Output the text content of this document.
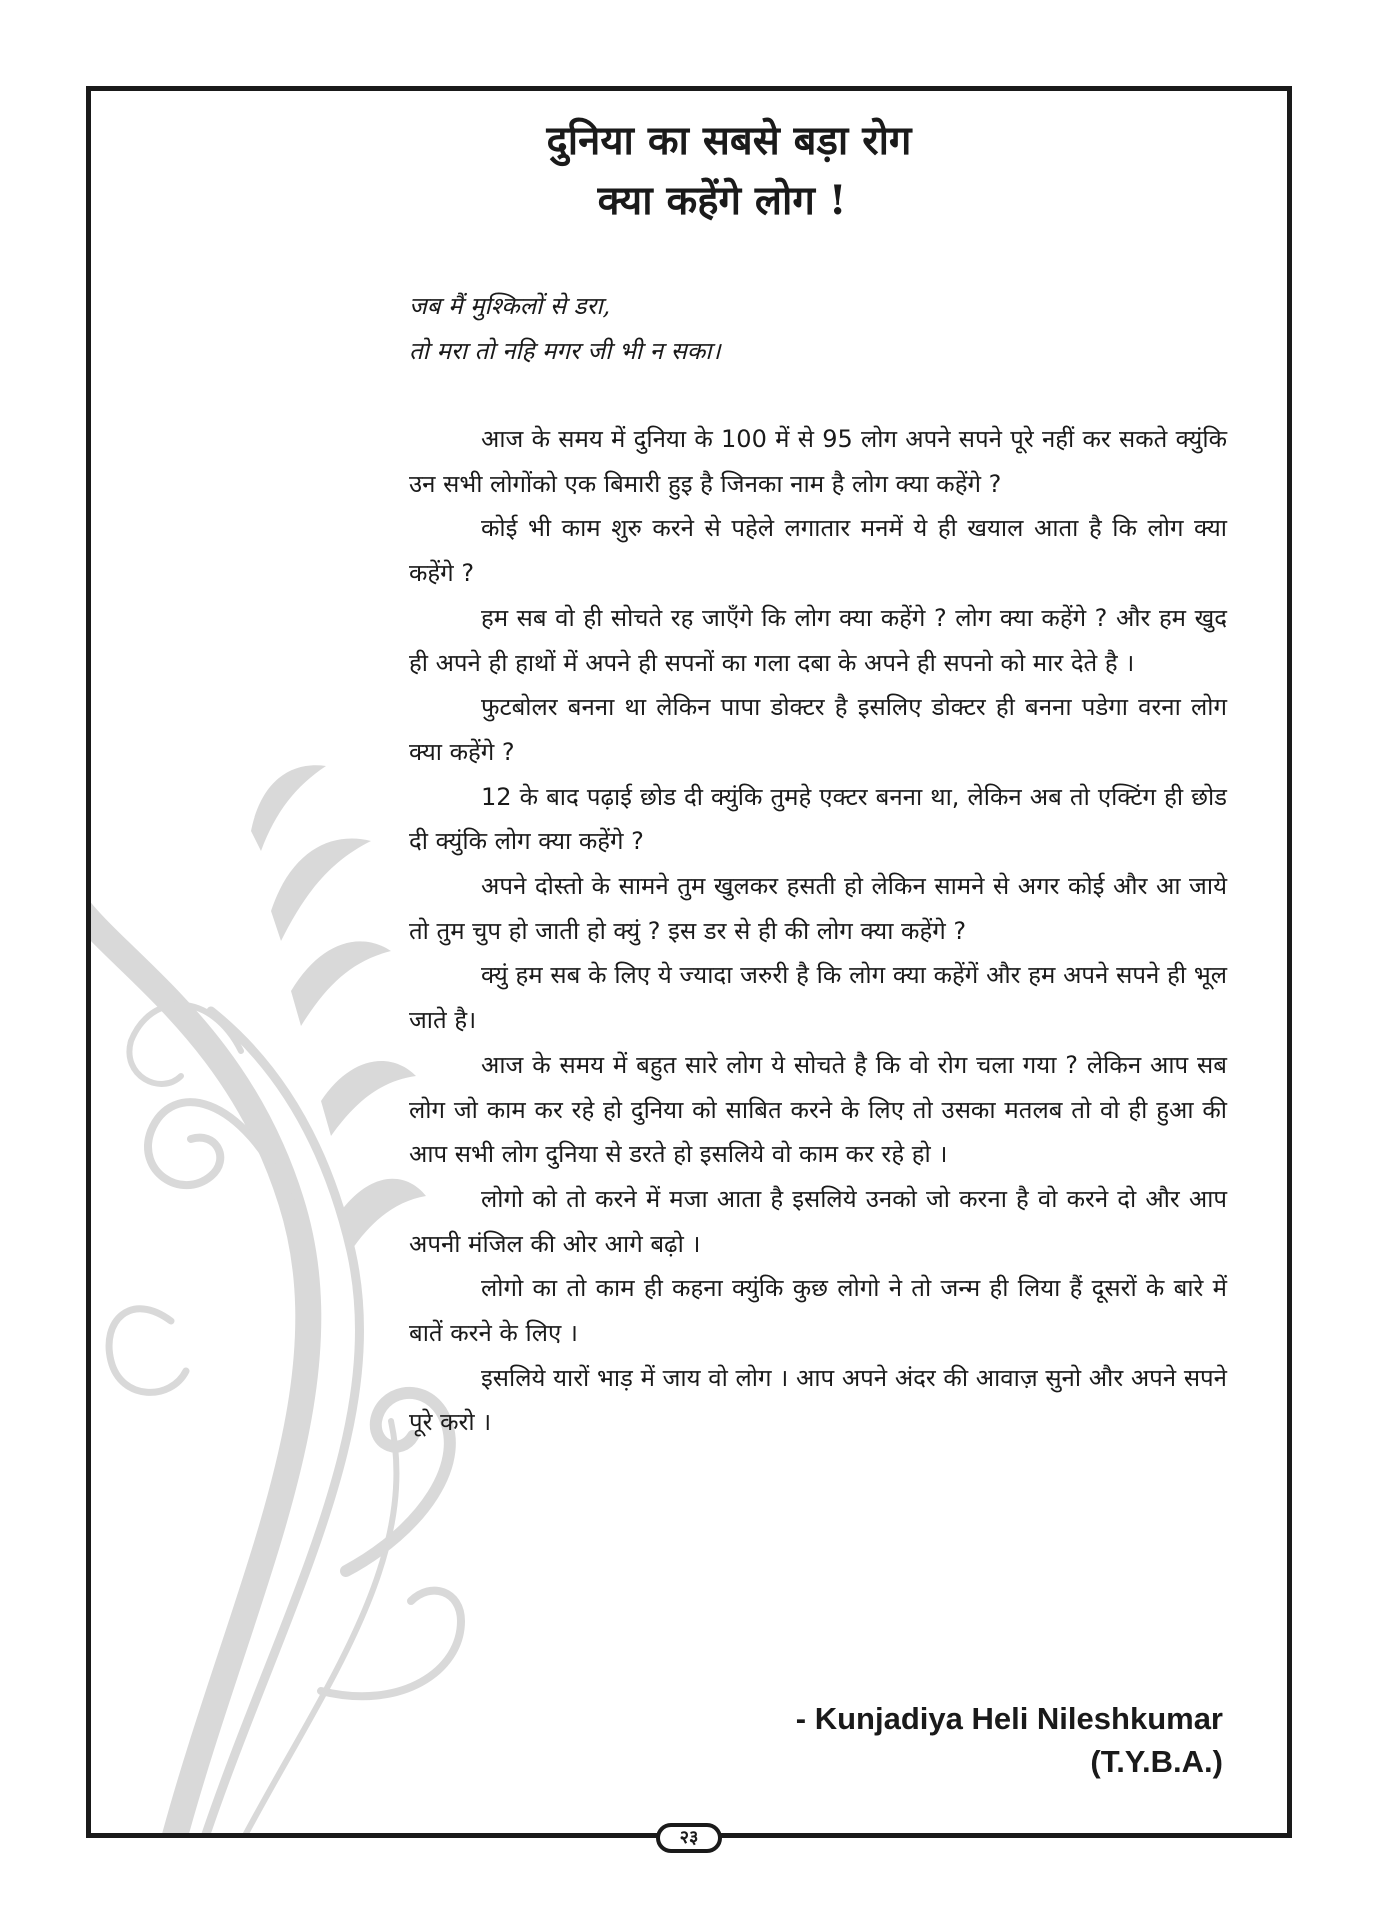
दुनिया का सबसे बड़ा रोग
क्या कहेंगे लोग !
जब मैं मुश्किलों से डरा,
तो मरा तो नहि मगर जी भी न सका।

आज के समय में दुनिया के 100 में से 95 लोग अपने सपने पूरे नहीं कर सकते क्युंकि उन सभी लोगोंको एक बिमारी हुइ है जिनका नाम है लोग क्या कहेंगे ?

कोई भी काम शुरु करने से पहेले लगातार मनमें ये ही खयाल आता है कि लोग क्या कहेंगे ?

हम सब वो ही सोचते रह जाएँगे कि लोग क्या कहेंगे ? लोग क्या कहेंगे ? और हम खुद ही अपने ही हाथों में अपने ही सपनों का गला दबा के अपने ही सपनो को मार देते है ।

फुटबोलर बनना था लेकिन पापा डोक्टर है इसलिए डोक्टर ही बनना पडेगा वरना लोग क्या कहेंगे ?

12 के बाद पढ़ाई छोड दी क्युंकि तुमहे एक्टर बनना था, लेकिन अब तो एक्टिंग ही छोड दी क्युंकि लोग क्या कहेंगे ?

अपने दोस्तो के सामने तुम खुलकर हसती हो लेकिन सामने से अगर कोई और आ जाये तो तुम चुप हो जाती हो क्युं ? इस डर से ही की लोग क्या कहेंगे ?

क्युं हम सब के लिए ये ज्यादा जरुरी है कि लोग क्या कहेंगें और हम अपने सपने ही भूल जाते है।

आज के समय में बहुत सारे लोग ये सोचते है कि वो रोग चला गया ? लेकिन आप सब लोग जो काम कर रहे हो दुनिया को साबित करने के लिए तो उसका मतलब तो वो ही हुआ की आप सभी लोग दुनिया से डरते हो इसलिये वो काम कर रहे हो ।

लोगो को तो करने में मजा आता है इसलिये उनको जो करना है वो करने दो और आप अपनी मंजिल की ओर आगे बढ़ो ।

लोगो का तो काम ही कहना क्युंकि कुछ लोगो ने तो जन्म ही लिया हैं दूसरों के बारे में बातें करने के लिए ।

इसलिये यारों भाड़ में जाय वो लोग । आप अपने अंदर की आवाज़ सुनो और अपने सपने पूरे करो ।

- Kunjadiya Heli Nileshkumar
(T.Y.B.A.)
२३
